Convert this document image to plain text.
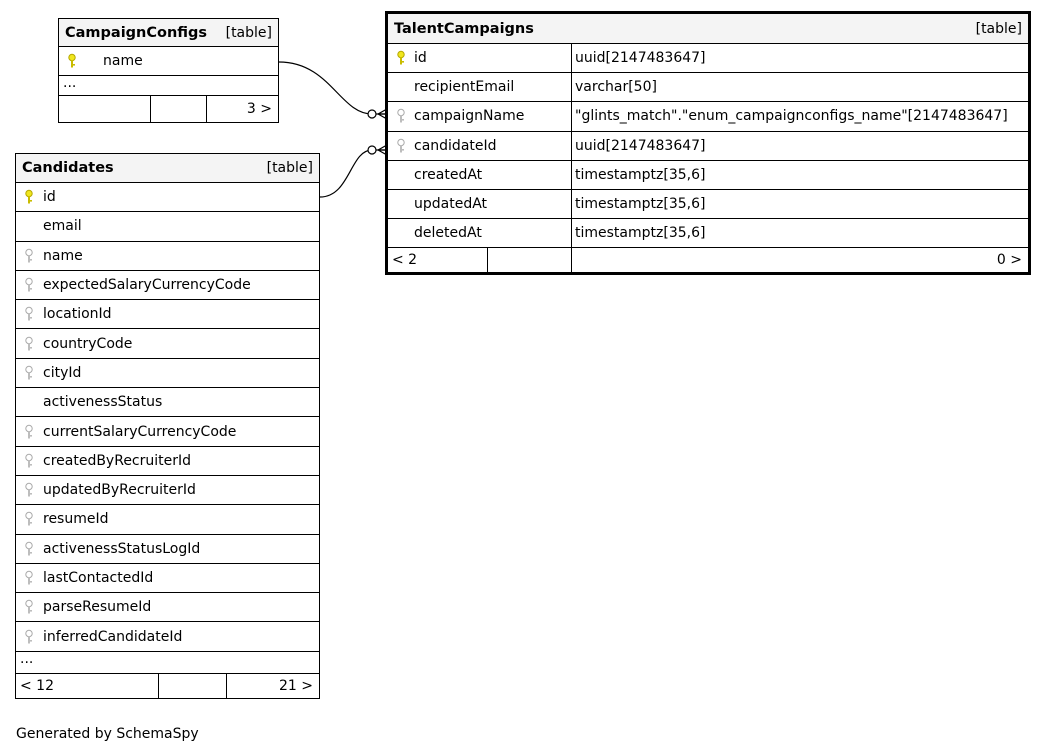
CampaignConfigs [table]
name
...
3 >
Candidates	[table]
id
email
name
expectedSalaryCurrencyCode
locationId
countryCode
cityId
activenessStatus
currentSalaryCurrencyCode
createdByRecruiterId
updatedByRecruiterId
resumeId
activenessStatusLogId
lastContactedId
parseResumeId
inferredCandidateId
...
< 12	21 >
TalentCampaigns	[table]
id	uuid[2147483647]
recipientEmail	varchar[50]
campaignName	"glints_match"."enum_campaignconfigs_name"[2147483647]
candidateId	uuid[2147483647]
createdAt	timestamptz[35,6]
updatedAt	timestamptz[35,6]
deletedAt	timestamptz[35,6]
< 2	0 >
Generated by SchemaSpy
